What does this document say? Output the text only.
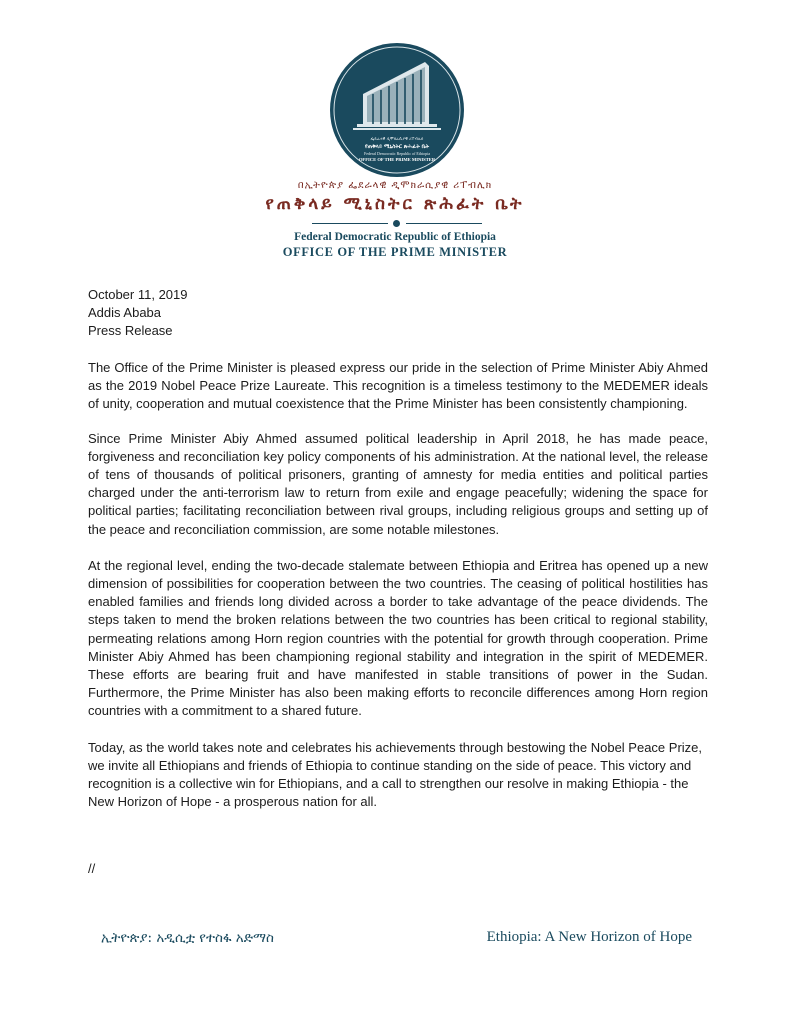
ፌዴራላዊ ዲሞክራሲያዊ ሪፐብሊክ
የጠቅላይ ሚኒስትር ጽሕፈት ቤት
Federal Democratic Republic of Ethiopia
OFFICE OF THE PRIME MINISTER
በኢትዮጵያ ፌደራላዊ ዲሞክራሲያዊ ሪፐብሊክ
የጠቅላይ ሚኒስትር ጽሕፈት ቤት
Federal Democratic Republic of Ethiopia
OFFICE OF THE PRIME MINISTER
October 11, 2019
Addis Ababa
Press Release

The Office of the Prime Minister is pleased express our pride in the selection of Prime Minister Abiy Ahmed as the 2019 Nobel Peace Prize Laureate. This recognition is a timeless testimony to the MEDEMER ideals of unity, cooperation and mutual coexistence that the Prime Minister has been consistently championing.

Since Prime Minister Abiy Ahmed assumed political leadership in April 2018, he has made peace, forgiveness and reconciliation key policy components of his administration. At the national level, the release of tens of thousands of political prisoners, granting of amnesty for media entities and political parties charged under the anti-terrorism law to return from exile and engage peacefully; widening the space for political parties; facilitating reconciliation between rival groups, including religious groups and setting up of the peace and reconciliation commission, are some notable milestones.

At the regional level, ending the two-decade stalemate between Ethiopia and Eritrea has opened up a new dimension of possibilities for cooperation between the two countries. The ceasing of political hostilities has enabled families and friends long divided across a border to take advantage of the peace dividends. The steps taken to mend the broken relations between the two countries has been critical to regional stability, permeating relations among Horn region countries with the potential for growth through cooperation. Prime Minister Abiy Ahmed has been championing regional stability and integration in the spirit of MEDEMER. These efforts are bearing fruit and have manifested in stable transitions of power in the Sudan. Furthermore, the Prime Minister has also been making efforts to reconcile differences among Horn region countries with a commitment to a shared future.

Today, as the world takes note and celebrates his achievements through bestowing the Nobel Peace Prize, we invite all Ethiopians and friends of Ethiopia to continue standing on the side of peace. This victory and recognition is a collective win for Ethiopians, and a call to strengthen our resolve in making Ethiopia - the New Horizon of Hope - a prosperous nation for all.

//
ኢትዮጵያ: አዲሲቷ የተስፋ አድማስ	Ethiopia: A New Horizon of Hope
